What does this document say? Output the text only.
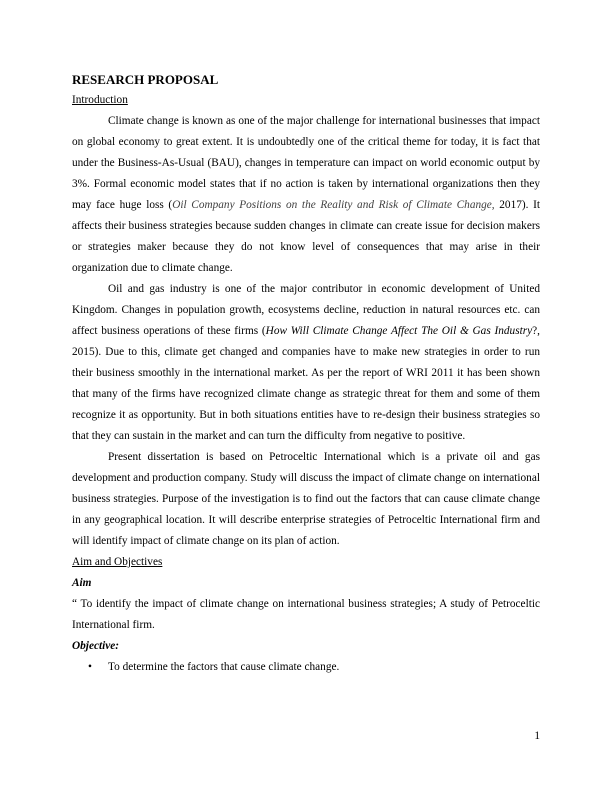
RESEARCH PROPOSAL

Introduction

Climate change is known as one of the major challenge for international businesses that impact on global economy to great extent. It is undoubtedly one of the critical theme for today, it is fact that under the Business-As-Usual (BAU), changes in temperature can impact on world economic output by 3%. Formal economic model states that if no action is taken by international organizations then they may face huge loss (Oil Company Positions on the Reality and Risk of Climate Change, 2017). It affects their business strategies because sudden changes in climate can create issue for decision makers or strategies maker because they do not know level of consequences that may arise in their organization due to climate change.

Oil and gas industry is one of the major contributor in economic development of United Kingdom. Changes in population growth, ecosystems decline, reduction in natural resources etc. can affect business operations of these firms (How Will Climate Change Affect The Oil & Gas Industry?, 2015). Due to this, climate get changed and companies have to make new strategies in order to run their business smoothly in the international market. As per the report of WRI 2011 it has been shown that many of the firms have recognized climate change as strategic threat for them and some of them recognize it as opportunity. But in both situations entities have to re-design their business strategies so that they can sustain in the market and can turn the difficulty from negative to positive.

Present dissertation is based on Petroceltic International which is a private oil and gas development and production company. Study will discuss the impact of climate change on international business strategies. Purpose of the investigation is to find out the factors that can cause climate change in any geographical location. It will describe enterprise strategies of Petroceltic International firm and will identify impact of climate change on its plan of action.

Aim and Objectives

Aim

“ To identify the impact of climate change on international business strategies; A study of Petroceltic International firm.

Objective:

• To determine the factors that cause climate change.
1
